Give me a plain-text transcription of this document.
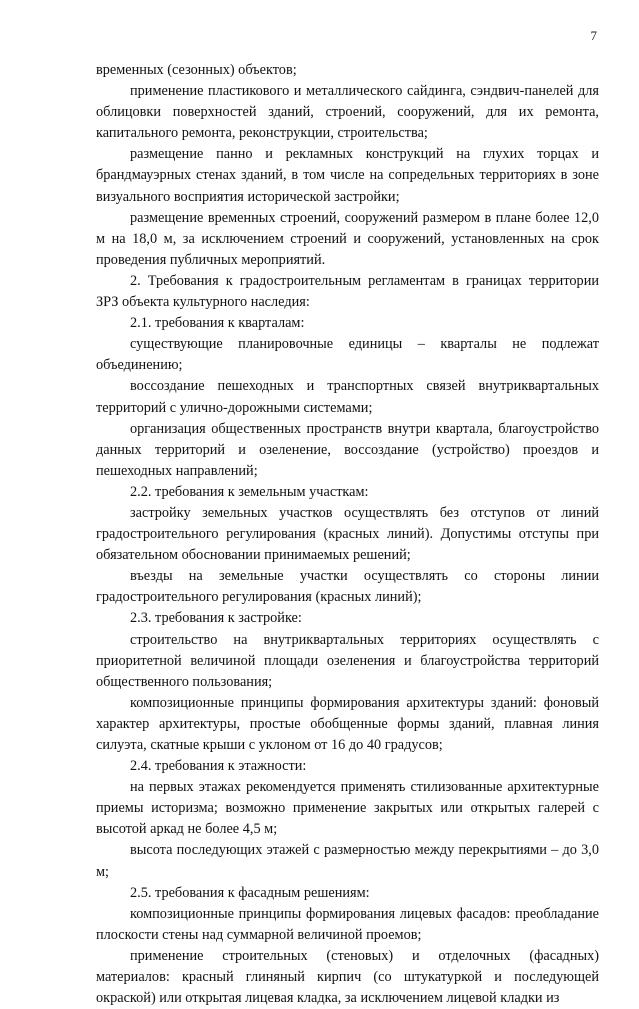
7

временных (сезонных) объектов;

применение пластикового и металлического сайдинга, сэндвич-панелей для облицовки поверхностей зданий, строений, сооружений, для их ремонта, капитального ремонта, реконструкции, строительства;

размещение панно и рекламных конструкций на глухих торцах и брандмауэрных стенах зданий, в том числе на сопредельных территориях в зоне визуального восприятия исторической застройки;

размещение временных строений, сооружений размером в плане более 12,0 м на 18,0 м, за исключением строений и сооружений, установленных на срок проведения публичных мероприятий.

2. Требования к градостроительным регламентам в границах территории ЗРЗ объекта культурного наследия:

2.1. требования к кварталам:

существующие планировочные единицы – кварталы не подлежат объединению;

воссоздание пешеходных и транспортных связей внутриквартальных территорий с улично-дорожными системами;

организация общественных пространств внутри квартала, благоустройство данных территорий и озеленение, воссоздание (устройство) проездов и пешеходных направлений;

2.2. требования к земельным участкам:

застройку земельных участков осуществлять без отступов от линий градостроительного регулирования (красных линий). Допустимы отступы при обязательном обосновании принимаемых решений;

въезды на земельные участки осуществлять со стороны линии градостроительного регулирования (красных линий);

2.3. требования к застройке:

строительство на внутриквартальных территориях осуществлять с приоритетной величиной площади озеленения и благоустройства территорий общественного пользования;

композиционные принципы формирования архитектуры зданий: фоновый характер архитектуры, простые обобщенные формы зданий, плавная линия силуэта, скатные крыши с уклоном от 16 до 40 градусов;

2.4. требования к этажности:

на первых этажах рекомендуется применять стилизованные архитектурные приемы историзма; возможно применение закрытых или открытых галерей с высотой аркад не более 4,5 м;

высота последующих этажей с размерностью между перекрытиями – до 3,0 м;

2.5. требования к фасадным решениям:

композиционные принципы формирования лицевых фасадов: преобладание плоскости стены над суммарной величиной проемов;

применение строительных (стеновых) и отделочных (фасадных) материалов: красный глиняный кирпич (со штукатуркой и последующей окраской) или открытая лицевая кладка, за исключением лицевой кладки из
